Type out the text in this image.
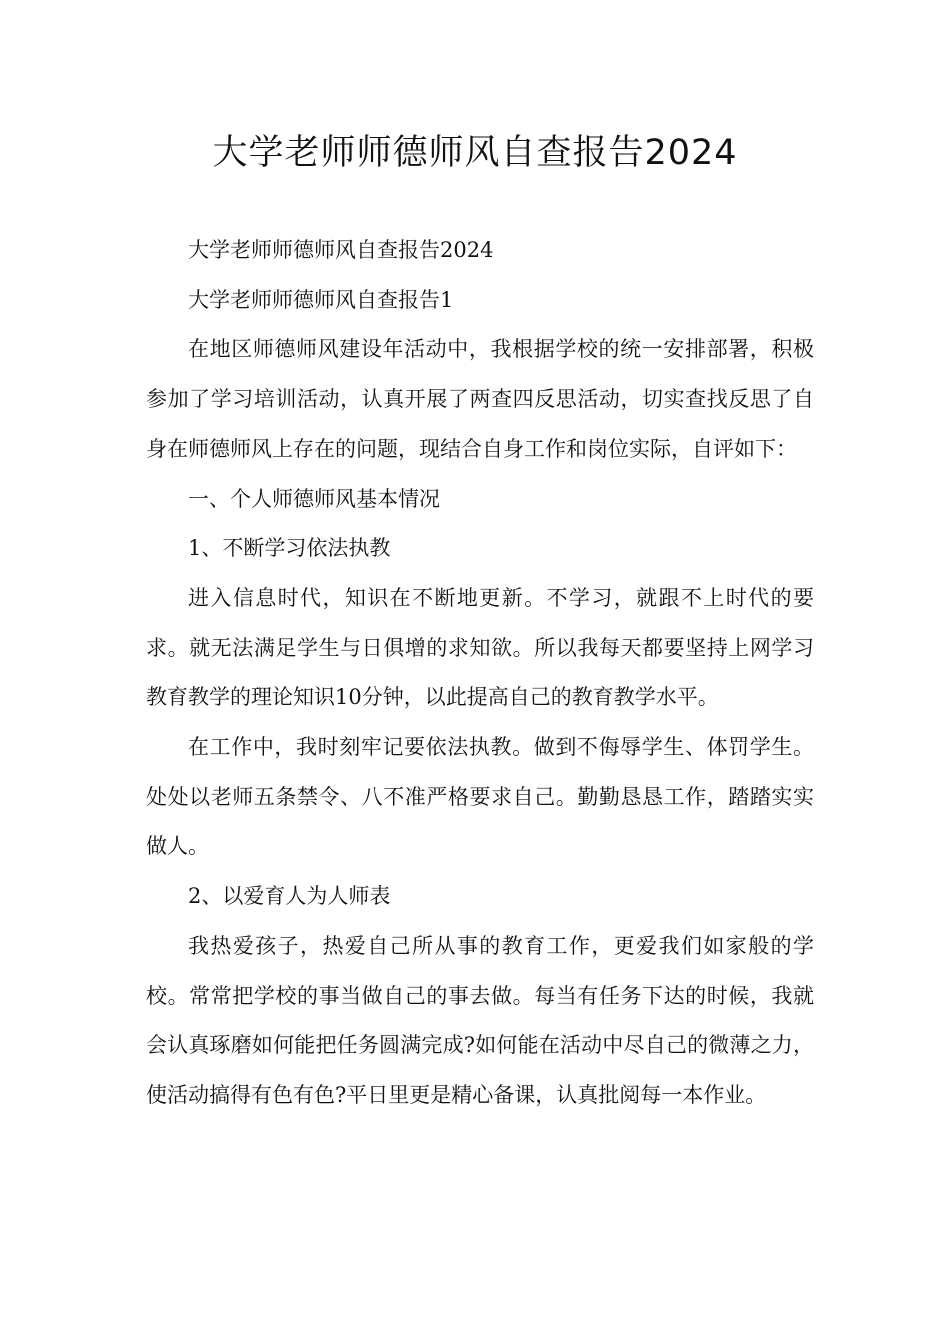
大学老师师德师风自查报告2024

大学老师师德师风自查报告2024

大学老师师德师风自查报告1

在地区师德师风建设年活动中，我根据学校的统一安排部署，积极参加了学习培训活动，认真开展了两查四反思活动，切实查找反思了自身在师德师风上存在的问题，现结合自身工作和岗位实际，自评如下：

一、个人师德师风基本情况

1、不断学习依法执教

进入信息时代，知识在不断地更新。不学习，就跟不上时代的要求。就无法满足学生与日俱增的求知欲。所以我每天都要坚持上网学习教育教学的理论知识10分钟，以此提高自己的教育教学水平。

在工作中，我时刻牢记要依法执教。做到不侮辱学生、体罚学生。处处以老师五条禁令、八不准严格要求自己。勤勤恳恳工作，踏踏实实做人。

2、以爱育人为人师表

我热爱孩子，热爱自己所从事的教育工作，更爱我们如家般的学校。常常把学校的事当做自己的事去做。每当有任务下达的时候，我就会认真琢磨如何能把任务圆满完成?如何能在活动中尽自己的微薄之力，使活动搞得有色有色?平日里更是精心备课，认真批阅每一本作业。
